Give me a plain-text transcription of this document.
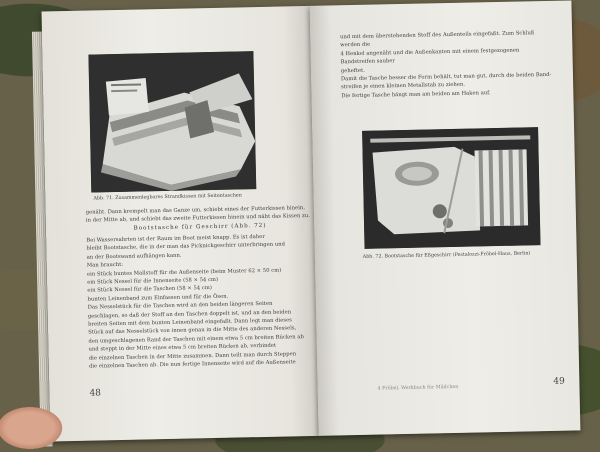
Abb. 71. Zusammenlegbares Strandkissen mit Seitentaschen
genäht. Dann krempelt man das Ganze um, schiebt eines der Futterkissen hinein,
in der Mitte ab, und schiebt das zweite Futterkissen hinein und näht das Kissen zu.
Bootstasche für Geschirr (Abb. 72)
Bei Wassersahrten ist der Raum im Boot meist knapp. Es ist daher
bleibt Bootstasche, die in der man das Picknickgeschirr unterbringen und
an der Bootswand aufhängen kann.
Man braucht:
ein Stück buntes Mallstoff für die Außenseite (beim Muster 62 × 50 cm)
ein Stück Nessel für die Innenseite (58 × 54 cm)
ein Stück Nessel für die Taschen (58 × 54 cm)
bunten Leinenband zum Einfassen und für die Ösen.
Das Nesselstück für die Taschen wird an den beiden längeren Seiten
geschlagen, so daß der Stoff an den Taschen doppelt ist, und an den beiden
breiten Seiten mit dem bunten Leinenband eingefaßt. Dann legt man dieses
Stück auf das Nesselstück von innen genau in die Mitte des anderen Nessels,
den umgeschlagenen Rand der Taschen mit einem etwa 5 cm breiten Rücken ab
und steppt in der Mitte eines etwa 5 cm breiten Rücken ab, verbindet
die einzelnen Taschen in der Mitte zusammen. Dann teilt man durch Steppen
die einzelnen Taschen ab. Die nun fertige Innenseite wird auf die Außenseite
48
und mit dem überstehenden Stoff des Außenteils eingefaßt. Zum Schluß werden die
4 Henkel angenäht und die Außenkanten mit einem festgezogenen Bandstreifen sauber
geheftet.
Damit die Tasche besser die Form behält, tut man gut, durch die beiden Band-
streifen je einen kleinen Metallstab zu ziehen.
Die fertige Tasche hängt man am beiden am Haken auf.
Abb. 72. Bootstasche für Eßgeschirr (Pestalozzi-Fröbel-Haus, Berlin)
4 Fröbel, Werkbuch für Mädchen
49
